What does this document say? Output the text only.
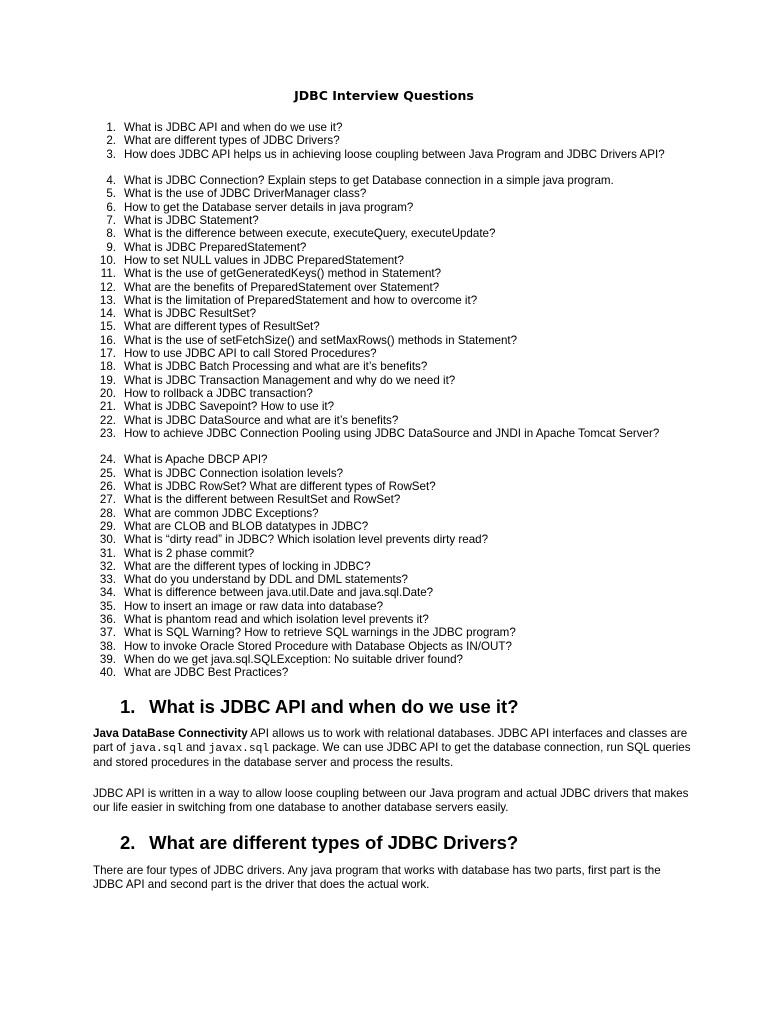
JDBC Interview Questions
1. What is JDBC API and when do we use it?
2. What are different types of JDBC Drivers?
3. How does JDBC API helps us in achieving loose coupling between Java Program and JDBC Drivers API?
4. What is JDBC Connection? Explain steps to get Database connection in a simple java program.
5. What is the use of JDBC DriverManager class?
6. How to get the Database server details in java program?
7. What is JDBC Statement?
8. What is the difference between execute, executeQuery, executeUpdate?
9. What is JDBC PreparedStatement?
10. How to set NULL values in JDBC PreparedStatement?
11. What is the use of getGeneratedKeys() method in Statement?
12. What are the benefits of PreparedStatement over Statement?
13. What is the limitation of PreparedStatement and how to overcome it?
14. What is JDBC ResultSet?
15. What are different types of ResultSet?
16. What is the use of setFetchSize() and setMaxRows() methods in Statement?
17. How to use JDBC API to call Stored Procedures?
18. What is JDBC Batch Processing and what are it’s benefits?
19. What is JDBC Transaction Management and why do we need it?
20. How to rollback a JDBC transaction?
21. What is JDBC Savepoint? How to use it?
22. What is JDBC DataSource and what are it’s benefits?
23. How to achieve JDBC Connection Pooling using JDBC DataSource and JNDI in Apache Tomcat Server?
24. What is Apache DBCP API?
25. What is JDBC Connection isolation levels?
26. What is JDBC RowSet? What are different types of RowSet?
27. What is the different between ResultSet and RowSet?
28. What are common JDBC Exceptions?
29. What are CLOB and BLOB datatypes in JDBC?
30. What is “dirty read” in JDBC? Which isolation level prevents dirty read?
31. What is 2 phase commit?
32. What are the different types of locking in JDBC?
33. What do you understand by DDL and DML statements?
34. What is difference between java.util.Date and java.sql.Date?
35. How to insert an image or raw data into database?
36. What is phantom read and which isolation level prevents it?
37. What is SQL Warning? How to retrieve SQL warnings in the JDBC program?
38. How to invoke Oracle Stored Procedure with Database Objects as IN/OUT?
39. When do we get java.sql.SQLException: No suitable driver found?
40. What are JDBC Best Practices?
1. What is JDBC API and when do we use it?

Java DataBase Connectivity API allows us to work with relational databases. JDBC API interfaces and classes are part of java.sql and javax.sql package. We can use JDBC API to get the database connection, run SQL queries and stored procedures in the database server and process the results.

JDBC API is written in a way to allow loose coupling between our Java program and actual JDBC drivers that makes our life easier in switching from one database to another database servers easily.

2. What are different types of JDBC Drivers?

There are four types of JDBC drivers. Any java program that works with database has two parts, first part is the JDBC API and second part is the driver that does the actual work.
